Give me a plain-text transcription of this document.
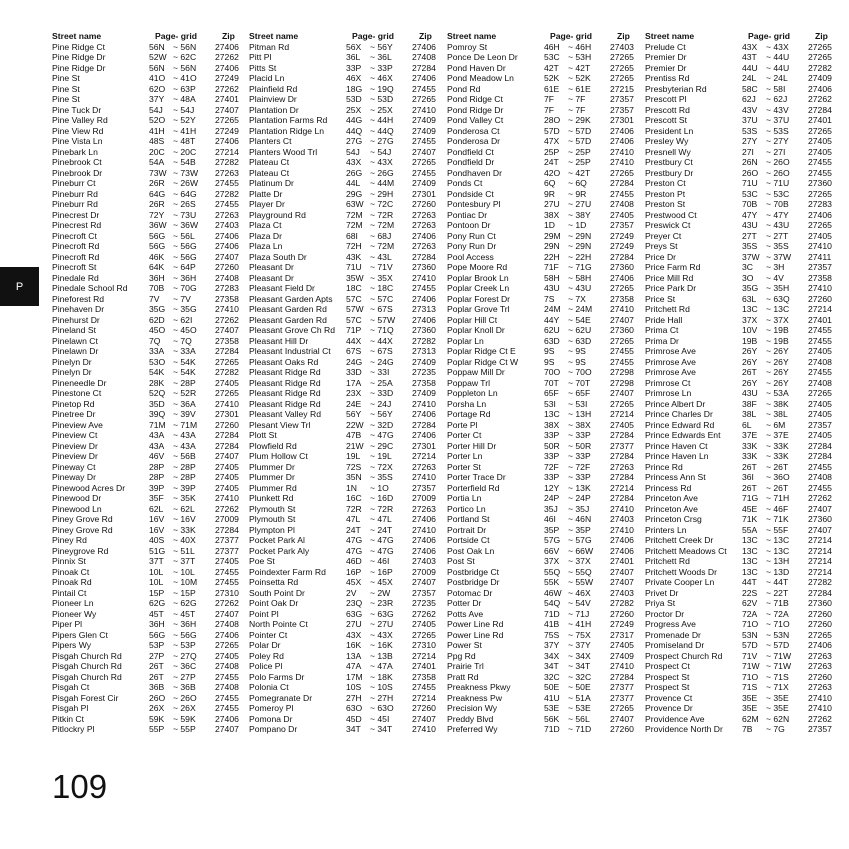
P
Street name	Page- grid	Zip
Pine Ridge Ct	56N ~ 56N	27406
Pine Ridge Dr	52W ~ 62C	27262
Pine Ridge Dr	56N ~ 56N	27406
Pine St	41O ~ 41O	27249
Pine St	62O ~ 63P	27262
Pine St	37Y	~ 48A	27401
Pine Tuck Dr	54J	~ 54J	27407
Pine Valley Rd	52O ~ 52Y	27265
Pine View Rd	41H ~ 41H	27249
Pine Vista Ln	48S	~ 48T	27406
Pinebark Ln	20C ~ 20C	27214
Pinebrook Ct	54A	~ 54B	27282
Pinebrook Dr	73W ~ 73W	27263
Pineburr Ct	26R ~ 26W	27455
Pineburr Rd	64G ~ 64G	27282
Pineburr Rd	26R ~ 26S	27455
Pinecrest Dr	72Y	~ 73U	27263
Pinecrest Rd	36W ~ 36W	27403
Pinecroft Ct	56G ~ 56L	27406
Pinecroft Rd	56G ~ 56G	27406
Pinecroft Rd	46K	~ 56G	27407
Pinecroft St	64K	~ 64P	27260
Pinedale Rd	36H ~ 36H	27408
Pinedale School Rd	70B	~ 70G	27283
Pineforest Rd	7V	~ 7V	27358
Pinehaven Dr	35G ~ 35G	27410
Pinehurst Dr	62D ~ 62I	27262
Pineland St	45O ~ 45O	27407
Pinelawn Ct	7Q	~ 7Q	27358
Pinelawn Dr	33A	~ 33A	27284
Pinelyn Dr	53O ~ 54K	27265
Pinelyn Dr	54K	~ 54K	27282
Pineneedle Dr	28K	~ 28P	27405
Pinestone Ct	52Q ~ 52R	27265
Pinetop Rd	35D ~ 36A	27410
Pinetree Dr	39Q ~ 39V	27301
Pineview Ave	71M ~ 71M	27260
Pineview Ct	43A	~ 43A	27284
Pineview Dr	43A	~ 43A	27284
Pineview Dr	46V	~ 56B	27407
Pineway Ct	28P	~ 28P	27405
Pineway Dr	28P	~ 28P	27405
Pinewood Acres Dr	39P	~ 39P	27405
Pinewood Dr	35F	~ 35K	27410
Pinewood Ln	62L	~ 62L	27262
Piney Grove Rd	16V	~ 16V	27009
Piney Grove Rd	16V	~ 33K	27284
Piney Rd	40S	~ 40X	27377
Pineygrove Rd	51G ~ 51L	27377
Pinnix St	37T	~ 37T	27405
Pinoak Ct	10L	~ 10L	27455
Pinoak Rd	10L	~ 10M	27455
Pintail Ct	15P	~ 15P	27310
Pioneer Ln	62G ~ 62G	27262
Pioneer Wy	45T	~ 45T	27407
Piper Pl	36H ~ 36H	27408
Pipers Glen Ct	56G ~ 56G	27406
Pipers Wy	53P	~ 53P	27265
Pisgah Church Rd	27P	~ 27Q	27405
Pisgah Church Rd	26T	~ 36C	27408
Pisgah Church Rd	26T	~ 27P	27455
Pisgah Ct	36B	~ 36B	27408
Pisgah Forest Cir	26O ~ 26O	27455
Pisgah Pl	26X	~ 26X	27455
Pitkin Ct	59K	~ 59K	27406
Pitlockry Pl	55P	~ 55P	27407
Street name	Page- grid	Zip
Pitman Rd	56X	~ 56Y	27406
Pitt Pl	36L	~ 36L	27408
Pitts St	33P	~ 33P	27284
Placid Ln	46X	~ 46X	27406
Plainfield Rd	18G ~ 19Q	27455
Plainview Dr	53D ~ 53D	27265
Plantation Dr	25X	~ 25X	27410
Plantation Farms Rd	44G ~ 44H	27409
Plantation Ridge Ln	44Q ~ 44Q	27409
Planters Ct	27G ~ 27G	27455
Planters Wood Trl	54J	~ 54J	27407
Plateau Ct	43X	~ 43X	27265
Plateau Ct	26G ~ 26G	27455
Platinum Dr	44L	~ 44M	27409
Platte Dr	29G ~ 29H	27301
Player Dr	63W ~ 72C	27260
Playground Rd	72M ~ 72R	27263
Plaza Ct	72M ~ 72M	27263
Plaza Dr	68I	~ 68J	27406
Plaza Ln	72H ~ 72M	27263
Plaza South Dr	43K	~ 43L	27284
Pleasant Dr	71U ~ 71V	27360
Pleasant Dr	35W ~ 35X	27410
Pleasant Field Dr	18C ~ 18C	27455
Pleasant Garden Apts	57C ~ 57C	27406
Pleasant Garden Rd	57W ~ 67S	27313
Pleasant Garden Rd	57C ~ 57W	27406
Pleasant Grove Ch Rd	71P	~ 71Q	27360
Pleasant Hill Dr	44X	~ 44X	27282
Pleasant Industrial Ct	67S	~ 67S	27313
Pleasant Oaks Rd	24G ~ 24G	27409
Pleasant Ridge Rd	33D ~ 33I	27235
Pleasant Ridge Rd	17A	~ 25A	27358
Pleasant Ridge Rd	23X	~ 33D	27409
Pleasant Ridge Rd	24E	~ 24J	27410
Pleasant Valley Rd	56Y	~ 56Y	27406
Plesant View Trl	22W ~ 32D	27284
Plott St	47B	~ 47G	27406
Plowfield Rd	21W ~ 29C	27301
Plum Hollow Ct	19L	~ 19L	27214
Plummer Dr	72S	~ 72X	27263
Plummer Dr	35N ~ 35S	27410
Plummer Rd	1N	~ 1O	27357
Plunkett Rd	16C ~ 16D	27009
Plymouth St	72R ~ 72R	27263
Plymouth St	47L	~ 47L	27406
Plympton Pl	24T	~ 24T	27410
Pocket Park Al	47G ~ 47G	27406
Pocket Park Aly	47G ~ 47G	27406
Poe St	46D ~ 46I	27403
Poindexter Farm Rd	16P	~ 16P	27009
Poinsetta Rd	45X	~ 45X	27407
South Point Dr	2V	~ 2W	27357
Point Oak Dr	23Q ~ 23R	27235
Point Pl	63G ~ 63G	27262
North Pointe Ct	27U ~ 27U	27405
Pointer Ct	43X	~ 43X	27265
Polar Dr	16K	~ 16K	27310
Poley Rd	13A	~ 13B	27214
Police Pl	47A	~ 47A	27401
Polo Farms Dr	17M ~ 18K	27358
Polonia Ct	10S	~ 10S	27455
Pomegranate Dr	27H ~ 27H	27214
Pomeroy Pl	63O ~ 63O	27260
Pomona Dr	45D ~ 45I	27407
Pompano Dr	34T	~ 34T	27410
Street name	Page- grid	Zip
Pomroy St	46H ~ 46H	27403
Ponce De Leon Dr	53C ~ 53H	27265
Pond Haven Dr	42T	~ 42T	27265
Pond Meadow Ln	52K	~ 52K	27265
Pond Rd	61E	~ 61E	27215
Pond Ridge Ct	7F	~ 7F	27357
Pond Ridge Dr	7F	~ 7F	27357
Pond Valley Ct	28O ~ 29K	27301
Ponderosa Ct	57D ~ 57D	27406
Ponderosa Dr	47X	~ 57D	27406
Pondfield Ct	25P	~ 25P	27410
Pondfield Dr	24T	~ 25P	27410
Pondhaven Dr	42O ~ 42T	27265
Ponds Ct	6Q	~ 6Q	27284
Pondside Ct	9R	~ 9R	27455
Pontesbury Pl	27U ~ 27U	27408
Pontiac Dr	38X	~ 38Y	27405
Pontoon Dr	1D	~ 1D	27357
Pony Run Ct	29M ~ 29N	27249
Pony Run Dr	29N ~ 29N	27249
Pool Access	22H ~ 22H	27284
Pope Moore Rd	71F	~ 71G	27360
Poplar Brook Ln	58H ~ 58H	27406
Poplar Creek Ln	43U ~ 43U	27265
Poplar Forest Dr	7S	~ 7X	27358
Poplar Grove Trl	24M ~ 24M	27410
Poplar Hill Ct	44Y	~ 54E	27407
Poplar Knoll Dr	62U ~ 62U	27360
Poplar Ln	63D ~ 63D	27265
Poplar Ridge Ct E	9S	~ 9S	27455
Poplar Ridge Ct W	9S	~ 9S	27455
Poppaw Mill Dr	70O ~ 70O	27298
Poppaw Trl	70T	~ 70T	27298
Poppleton Ln	65F	~ 65F	27407
Porsha Ln	53I	~ 53I	27265
Portage Rd	13C ~ 13H	27214
Porte Pl	38X	~ 38X	27405
Porter Ct	33P	~ 33P	27284
Porter Hill Dr	50R ~ 50R	27377
Porter Ln	33P	~ 33P	27284
Porter St	72F	~ 72F	27263
Porter Trace Dr	33P	~ 33P	27284
Porterfield Rd	12Y	~ 13K	27214
Portia Ln	24P	~ 24P	27284
Portico Ln	35J	~ 35J	27410
Portland St	46I	~ 46N	27403
Portrait Dr	35P	~ 35P	27410
Portside Ct	57G ~ 57G	27406
Post Oak Ln	66V	~ 66W	27406
Post St	37X	~ 37X	27401
Postbridge Ct	55Q ~ 55Q	27407
Postbridge Dr	55K	~ 55W	27407
Potomac Dr	46W ~ 46X	27403
Potter Dr	54Q ~ 54V	27282
Potts Ave	71D ~ 71J	27260
Power Line Rd	41B	~ 41H	27249
Power Line Rd	75S	~ 75X	27317
Power St	37Y	~ 37Y	27405
Ppg Rd	34X	~ 34X	27409
Prairie Trl	34T	~ 34T	27410
Pratt Rd	32C ~ 32C	27284
Preakness Pkwy	50E	~ 50E	27377
Preakness Pw	41U ~ 51A	27377
Precision Wy	53E	~ 53E	27265
Preddy Blvd	56K	~ 56L	27407
Preferred Wy	71D ~ 71D	27260
Street name	Page- grid	Zip
Prelude Ct	43X	~ 43X	27265
Premier Dr	43T	~ 44U	27265
Premier Dr	44U ~ 44U	27282
Prentiss Rd	24L	~ 24L	27409
Presbyterian Rd	58C ~ 58I	27406
Prescott Pl	62J	~ 62J	27262
Prescott Rd	43V	~ 43V	27284
Prescott St	37U ~ 37U	27401
President Ln	53S	~ 53S	27265
Presley Wy	27Y	~ 27Y	27405
Presnell Wy	27I	~ 27I	27405
Prestbury Ct	26N ~ 26O	27455
Prestbury Dr	26O ~ 26O	27455
Preston Ct	71U ~ 71U	27360
Preston Pt	53C ~ 53C	27265
Preston St	70B	~ 70B	27283
Prestwood Ct	47Y	~ 47Y	27406
Preswick Ct	43U ~ 43U	27265
Preyer Ct	27T	~ 27T	27405
Preys St	35S	~ 35S	27410
Price Dr	37W ~ 37W	27411
Price Farm Rd	3C	~ 3H	27357
Price Mill Rd	3O	~ 4V	27358
Price Park Dr	35G ~ 35H	27410
Price St	63L	~ 63Q	27260
Pritchett Rd	13C ~ 13C	27214
Pride Hall	37X	~ 37X	27401
Prima Ct	10V	~ 19B	27455
Prima Dr	19B	~ 19B	27455
Primrose Ave	26Y	~ 26Y	27405
Primrose Ave	26Y	~ 26Y	27408
Primrose Ave	26T	~ 26Y	27455
Primrose Ct	26Y	~ 26Y	27408
Primrose Ln	43U ~ 53A	27265
Prince Albert Dr	38F	~ 38K	27405
Prince Charles Dr	38L	~ 38L	27405
Prince Edward Rd	6L	~ 6M	27357
Prince Edwards Ent	37E	~ 37E	27405
Prince Haven Ct	33K	~ 33K	27284
Prince Haven Ln	33K	~ 33K	27284
Prince Rd	26T	~ 26T	27455
Princess Ann St	36I	~ 36O	27408
Princess Rd	26T	~ 26T	27455
Princeton Ave	71G ~ 71H	27262
Princeton Ave	45E	~ 46F	27407
Princeton Crsg	71K	~ 71K	27360
Printers Ln	55A	~ 55F	27407
Pritchett Creek Dr	13C ~ 13C	27214
Pritchett Meadows Ct	13C ~ 13C	27214
Pritchett Rd	13C ~ 13H	27214
Pritchett Woods Dr	13C ~ 13D	27214
Private Cooper Ln	44T	~ 44T	27282
Privet Dr	22S	~ 22T	27284
Priya St	62V	~ 71B	27360
Proctor Dr	72A	~ 72A	27260
Progress Ave	71O ~ 71O	27260
Promenade Dr	53N ~ 53N	27265
Promiseland Dr	57D ~ 57D	27406
Prospect Church Rd	71V	~ 71W	27263
Prospect Ct	71W ~ 71W	27263
Prospect St	71O ~ 71S	27260
Prospect St	71S	~ 71X	27263
Provence Ct	35E	~ 35E	27410
Provence Dr	35E	~ 35E	27410
Providence Ave	62M ~ 62N	27262
Providence North Dr	7B	~ 7G	27357
109
